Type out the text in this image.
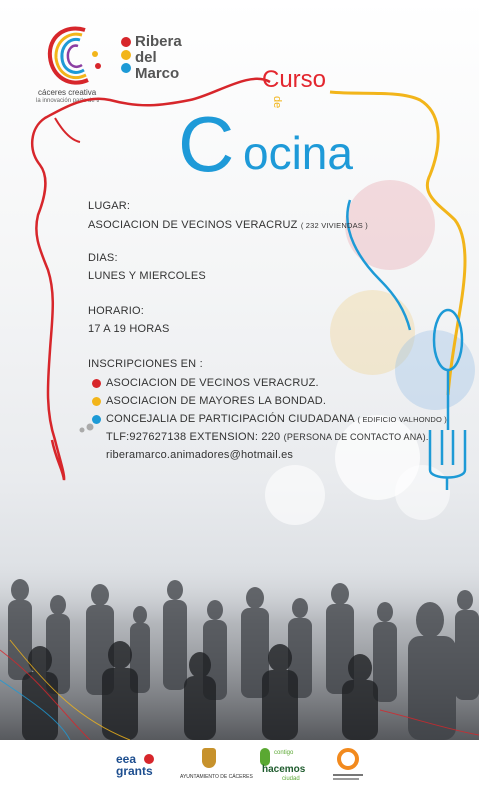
cáceres creativa
la innovación parte de ti
Ribera
del
Marco	Curso
de
C ocina
LUGAR:
ASOCIACION DE VECINOS VERACRUZ ( 232 VIVIENDAS )
DIAS:
LUNES Y MIERCOLES
HORARIO:
17 A 19 HORAS
INSCRIPCIONES EN :
ASOCIACION DE VECINOS VERACRUZ.
ASOCIACION DE MAYORES LA BONDAD.
CONCEJALIA DE PARTICIPACIÓN CIUDADANA ( EDIFICIO VALHONDO )
TLF:927627138 EXTENSION: 220 (PERSONA DE CONTACTO ANA).
riberamarco.animadores@hotmail.es
eea
grants	AYUNTAMIENTO DE CÁCERES
contigo
hacemos
ciudad
